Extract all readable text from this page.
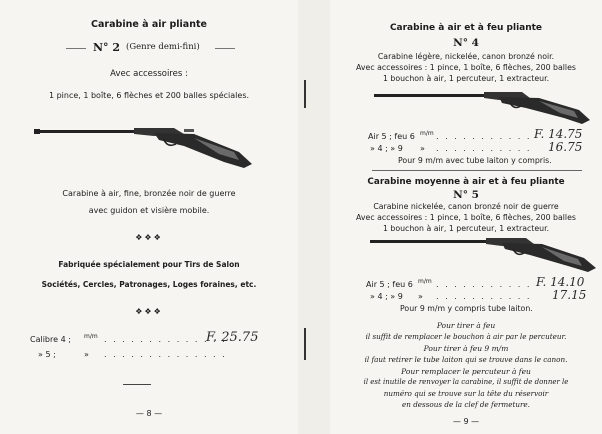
Carabine à air pliante
N° 2 (Genre demi-fini)
Avec accessoires :
1 pince, 1 boîte, 6 flèches et 200 balles spéciales.
Carabine à air, fine, bronzée noir de guerre
avec guidon et visière mobile.
❖❖❖
Fabriquée spécialement pour Tirs de Salon
Sociétés, Cercles, Patronages, Loges foraines, etc.
❖❖❖
Calibre 4 ; m/m . . . . . . . . . . . . . .
F. 25.75
» 5 ;	» . . . . . . . . . . . . . .
— 8 —
Carabine à air et à feu pliante
N° 4
Carabine légère, nickelée, canon bronzé noir.
Avec accessoires : 1 pince, 1 boîte, 6 flèches, 200 balles
1 bouchon à air, 1 percuteur, 1 extracteur.
Air 5 ; feu 6 m/m . . . . . . . . . . . F. 14.75
» 4 ; » 9 » . . . . . . . . . . . 16.75
Pour 9 m/m avec tube laiton y compris.
Carabine moyenne à air et à feu pliante
N° 5
Carabine nickelée, canon bronzé noir de guerre
Avec accessoires : 1 pince, 1 boîte, 6 flèches, 200 balles
1 bouchon à air, 1 percuteur, 1 extracteur.
Air 5 ; feu 6 m/m . . . . . . . . . . . F. 14.10
» 4 ; » 9 » . . . . . . . . . . . 17.15
Pour 9 m/m y compris tube laiton.
Pour tirer à feu
il suffit de remplacer le bouchon à air par le percuteur.
Pour tirer à feu 9 m/m
il faut retirer le tube laiton qui se trouve dans le canon.
Pour remplacer le percuteur à feu
il est inutile de renvoyer la carabine, il suffit de donner le
numéro qui se trouve sur la tête du réservoir
en dessous de la clef de fermeture.
— 9 —
